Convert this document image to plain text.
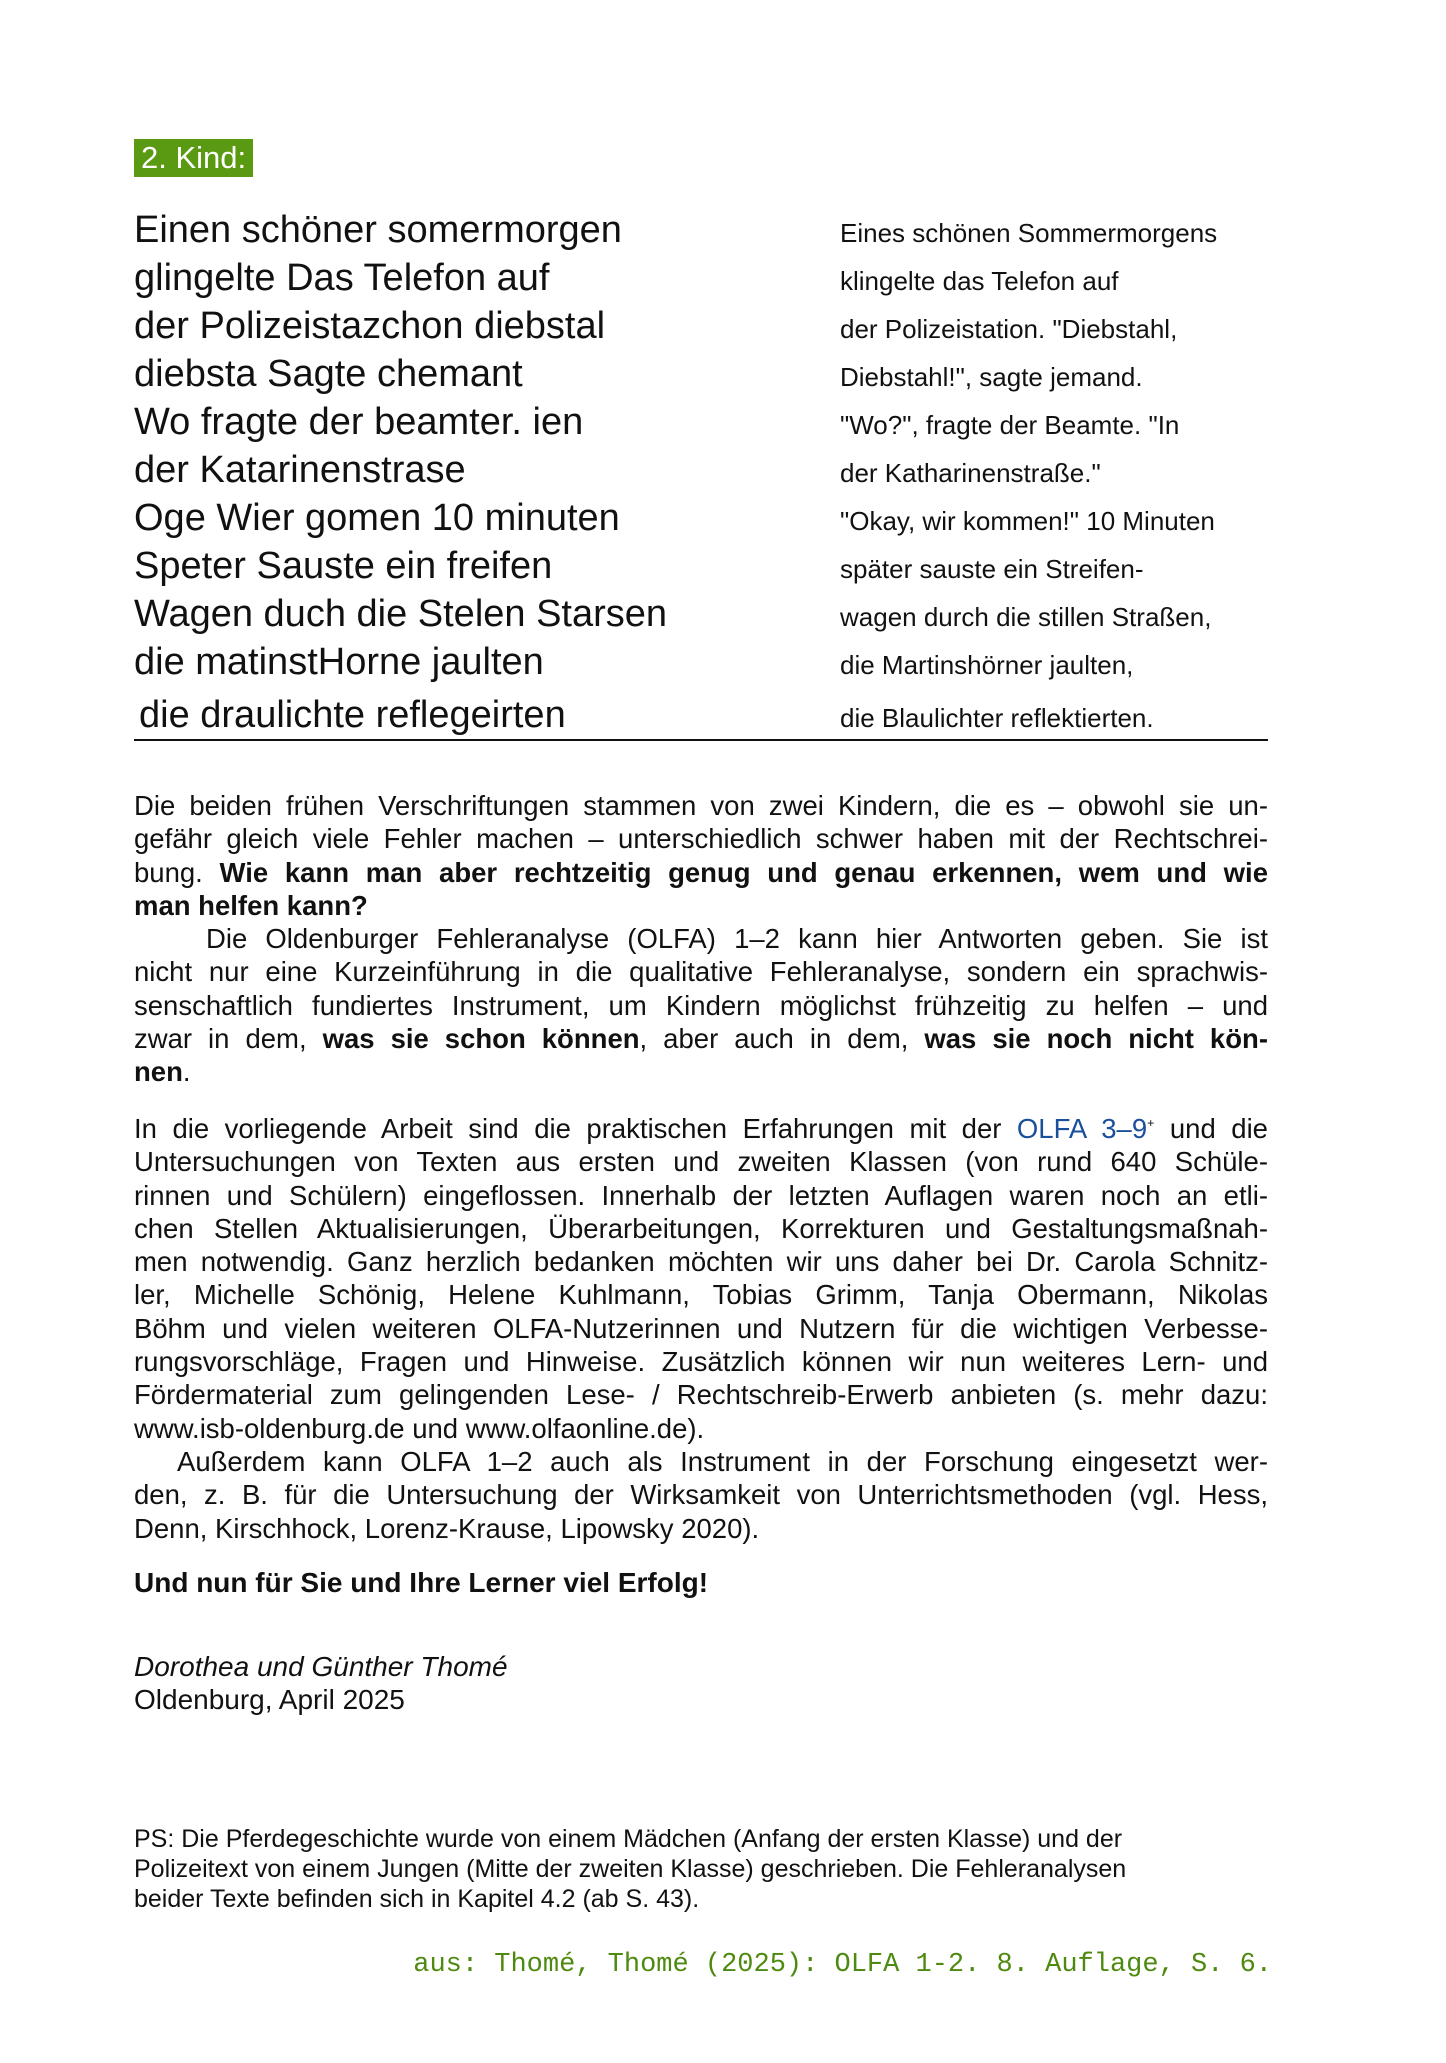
2. Kind:
Einen schöner somermorgen	Eines schönen Sommermorgens
glingelte Das Telefon auf	klingelte das Telefon auf
der Polizeistazchon diebstal	der Polizeistation. "Diebstahl,
diebsta Sagte chemant	Diebstahl!", sagte jemand.
Wo fragte der beamter. ien	"Wo?", fragte der Beamte. "In
der Katarinenstrase	der Katharinenstraße."
Oge Wier gomen 10 minuten	"Okay, wir kommen!" 10 Minuten
Speter Sauste ein freifen	später sauste ein Streifen-
Wagen duch die Stelen Starsen	wagen durch die stillen Straßen,
die matinstHorne jaulten	die Martinshörner jaulten,
die draulichte reflegeirten	die Blaulichter reflektierten.
Die beiden frühen Verschriftungen stammen von zwei Kindern, die es – obwohl sie un-
gefähr gleich viele Fehler machen – unterschiedlich schwer haben mit der Rechtschrei-
bung. Wie kann man aber rechtzeitig genug und genau erkennen, wem und wie
man helfen kann?
Die Oldenburger Fehleranalyse (OLFA) 1–2 kann hier Antworten geben. Sie ist
nicht nur eine Kurzeinführung in die qualitative Fehleranalyse, sondern ein sprachwis-
senschaftlich fundiertes Instrument, um Kindern möglichst frühzeitig zu helfen – und
zwar in dem, was sie schon können, aber auch in dem, was sie noch nicht kön-
nen.
In die vorliegende Arbeit sind die praktischen Erfahrungen mit der OLFA 3–9+ und die
Untersuchungen von Texten aus ersten und zweiten Klassen (von rund 640 Schüle-
rinnen und Schülern) eingeflossen. Innerhalb der letzten Auflagen waren noch an etli-
chen Stellen Aktualisierungen, Überarbeitungen, Korrekturen und Gestaltungsmaßnah-
men notwendig. Ganz herzlich bedanken möchten wir uns daher bei Dr. Carola Schnitz-
ler, Michelle Schönig, Helene Kuhlmann, Tobias Grimm, Tanja Obermann, Nikolas
Böhm und vielen weiteren OLFA-Nutzerinnen und Nutzern für die wichtigen Verbesse-
rungsvorschläge, Fragen und Hinweise. Zusätzlich können wir nun weiteres Lern- und
Fördermaterial zum gelingenden Lese- / Rechtschreib-Erwerb anbieten (s. mehr dazu:
www.isb-oldenburg.de und www.olfaonline.de).
Außerdem kann OLFA 1–2 auch als Instrument in der Forschung eingesetzt wer-
den, z. B. für die Untersuchung der Wirksamkeit von Unterrichtsmethoden (vgl. Hess,
Denn, Kirschhock, Lorenz-Krause, Lipowsky 2020).
Und nun für Sie und Ihre Lerner viel Erfolg!
Dorothea und Günther Thomé
Oldenburg, April 2025
PS: Die Pferdegeschichte wurde von einem Mädchen (Anfang der ersten Klasse) und der
Polizeitext von einem Jungen (Mitte der zweiten Klasse) geschrieben. Die Fehleranalysen
beider Texte befinden sich in Kapitel 4.2 (ab S. 43).
aus: Thomé, Thomé (2025): OLFA 1-2. 8. Auflage, S. 6.
